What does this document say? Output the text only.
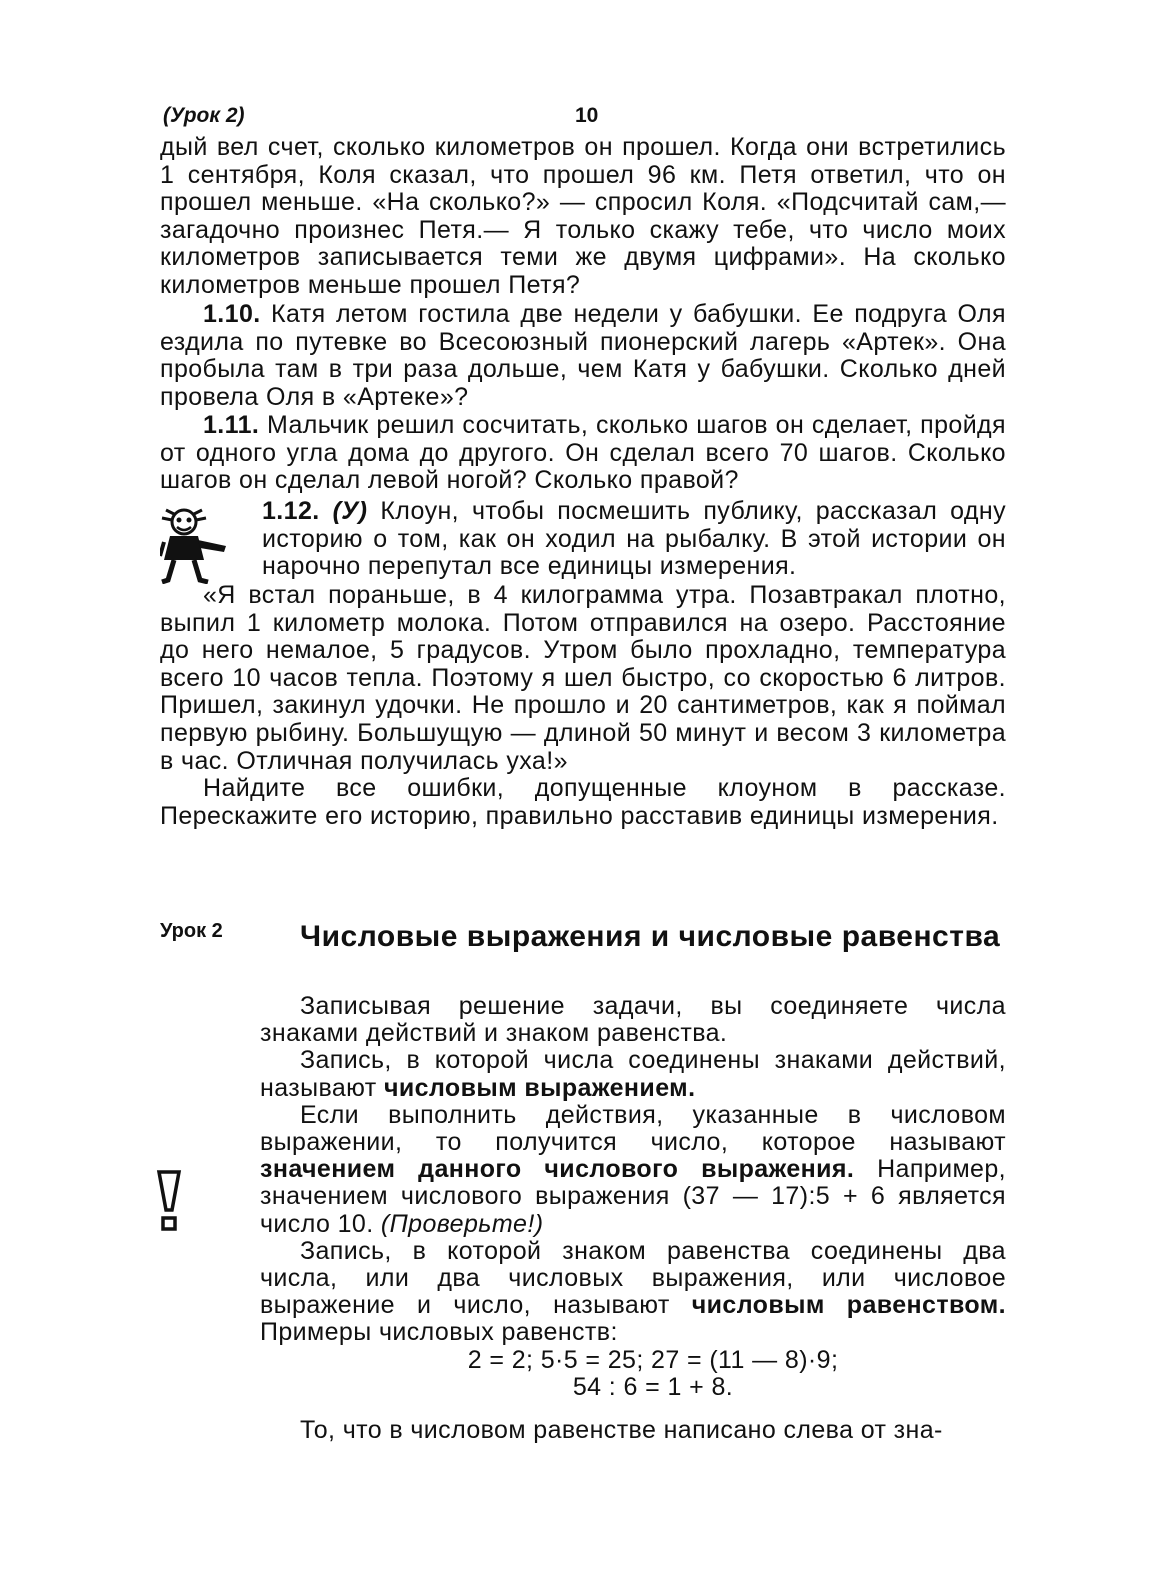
(Урок 2)	10

дый вел счет, сколько километров он прошел. Когда они встретились 1 сентября, Коля сказал, что прошел 96 км. Петя ответил, что он прошел меньше. «На сколько?» — спросил Коля. «Подсчитай сам,— загадочно произнес Петя.— Я только скажу тебе, что число моих километров записывается теми же двумя цифрами». На сколько километров меньше прошел Петя?

1.10. Катя летом гостила две недели у бабушки. Ее подруга Оля ездила по путевке во Всесоюзный пионерский лагерь «Артек». Она пробыла там в три раза дольше, чем Катя у бабушки. Сколько дней провела Оля в «Артеке»?

1.11. Мальчик решил сосчитать, сколько шагов он сделает, пройдя от одного угла дома до другого. Он сделал всего 70 шагов. Сколько шагов он сделал левой ногой? Сколько правой?

1.12. (У) Клоун, чтобы посмешить публику, рассказал одну историю о том, как он ходил на рыбалку. В этой истории он нарочно перепутал все единицы измерения.

«Я встал пораньше, в 4 килограмма утра. Позавтракал плотно, выпил 1 километр молока. Потом отправился на озеро. Расстояние до него немалое, 5 градусов. Утром было прохладно, температура всего 10 часов тепла. Поэтому я шел быстро, со скоростью 6 литров. Пришел, закинул удочки. Не прошло и 20 сантиметров, как я поймал первую рыбину. Большущую — длиной 50 минут и весом 3 километра в час. Отличная получилась уха!»

Найдите все ошибки, допущенные клоуном в рассказе. Перескажите его историю, правильно расставив единицы измерения.

Урок 2	Числовые выражения и числовые равенства

Записывая решение задачи, вы соединяете числа знаками действий и знаком равенства.

Запись, в которой числа соединены знаками действий, называют числовым выражением.

Если выполнить действия, указанные в числовом выражении, то получится число, которое называют значением данного числового выражения. Например, значением числового выражения (37 — 17):5 + 6 является число 10. (Проверьте!)

Запись, в которой знаком равенства соединены два числа, или два числовых выражения, или числовое выражение и число, называют числовым равенством. Примеры числовых равенств:

2 = 2; 5·5 = 25; 27 = (11 — 8)·9;

54 : 6 = 1 + 8.

То, что в числовом равенстве написано слева от зна-
